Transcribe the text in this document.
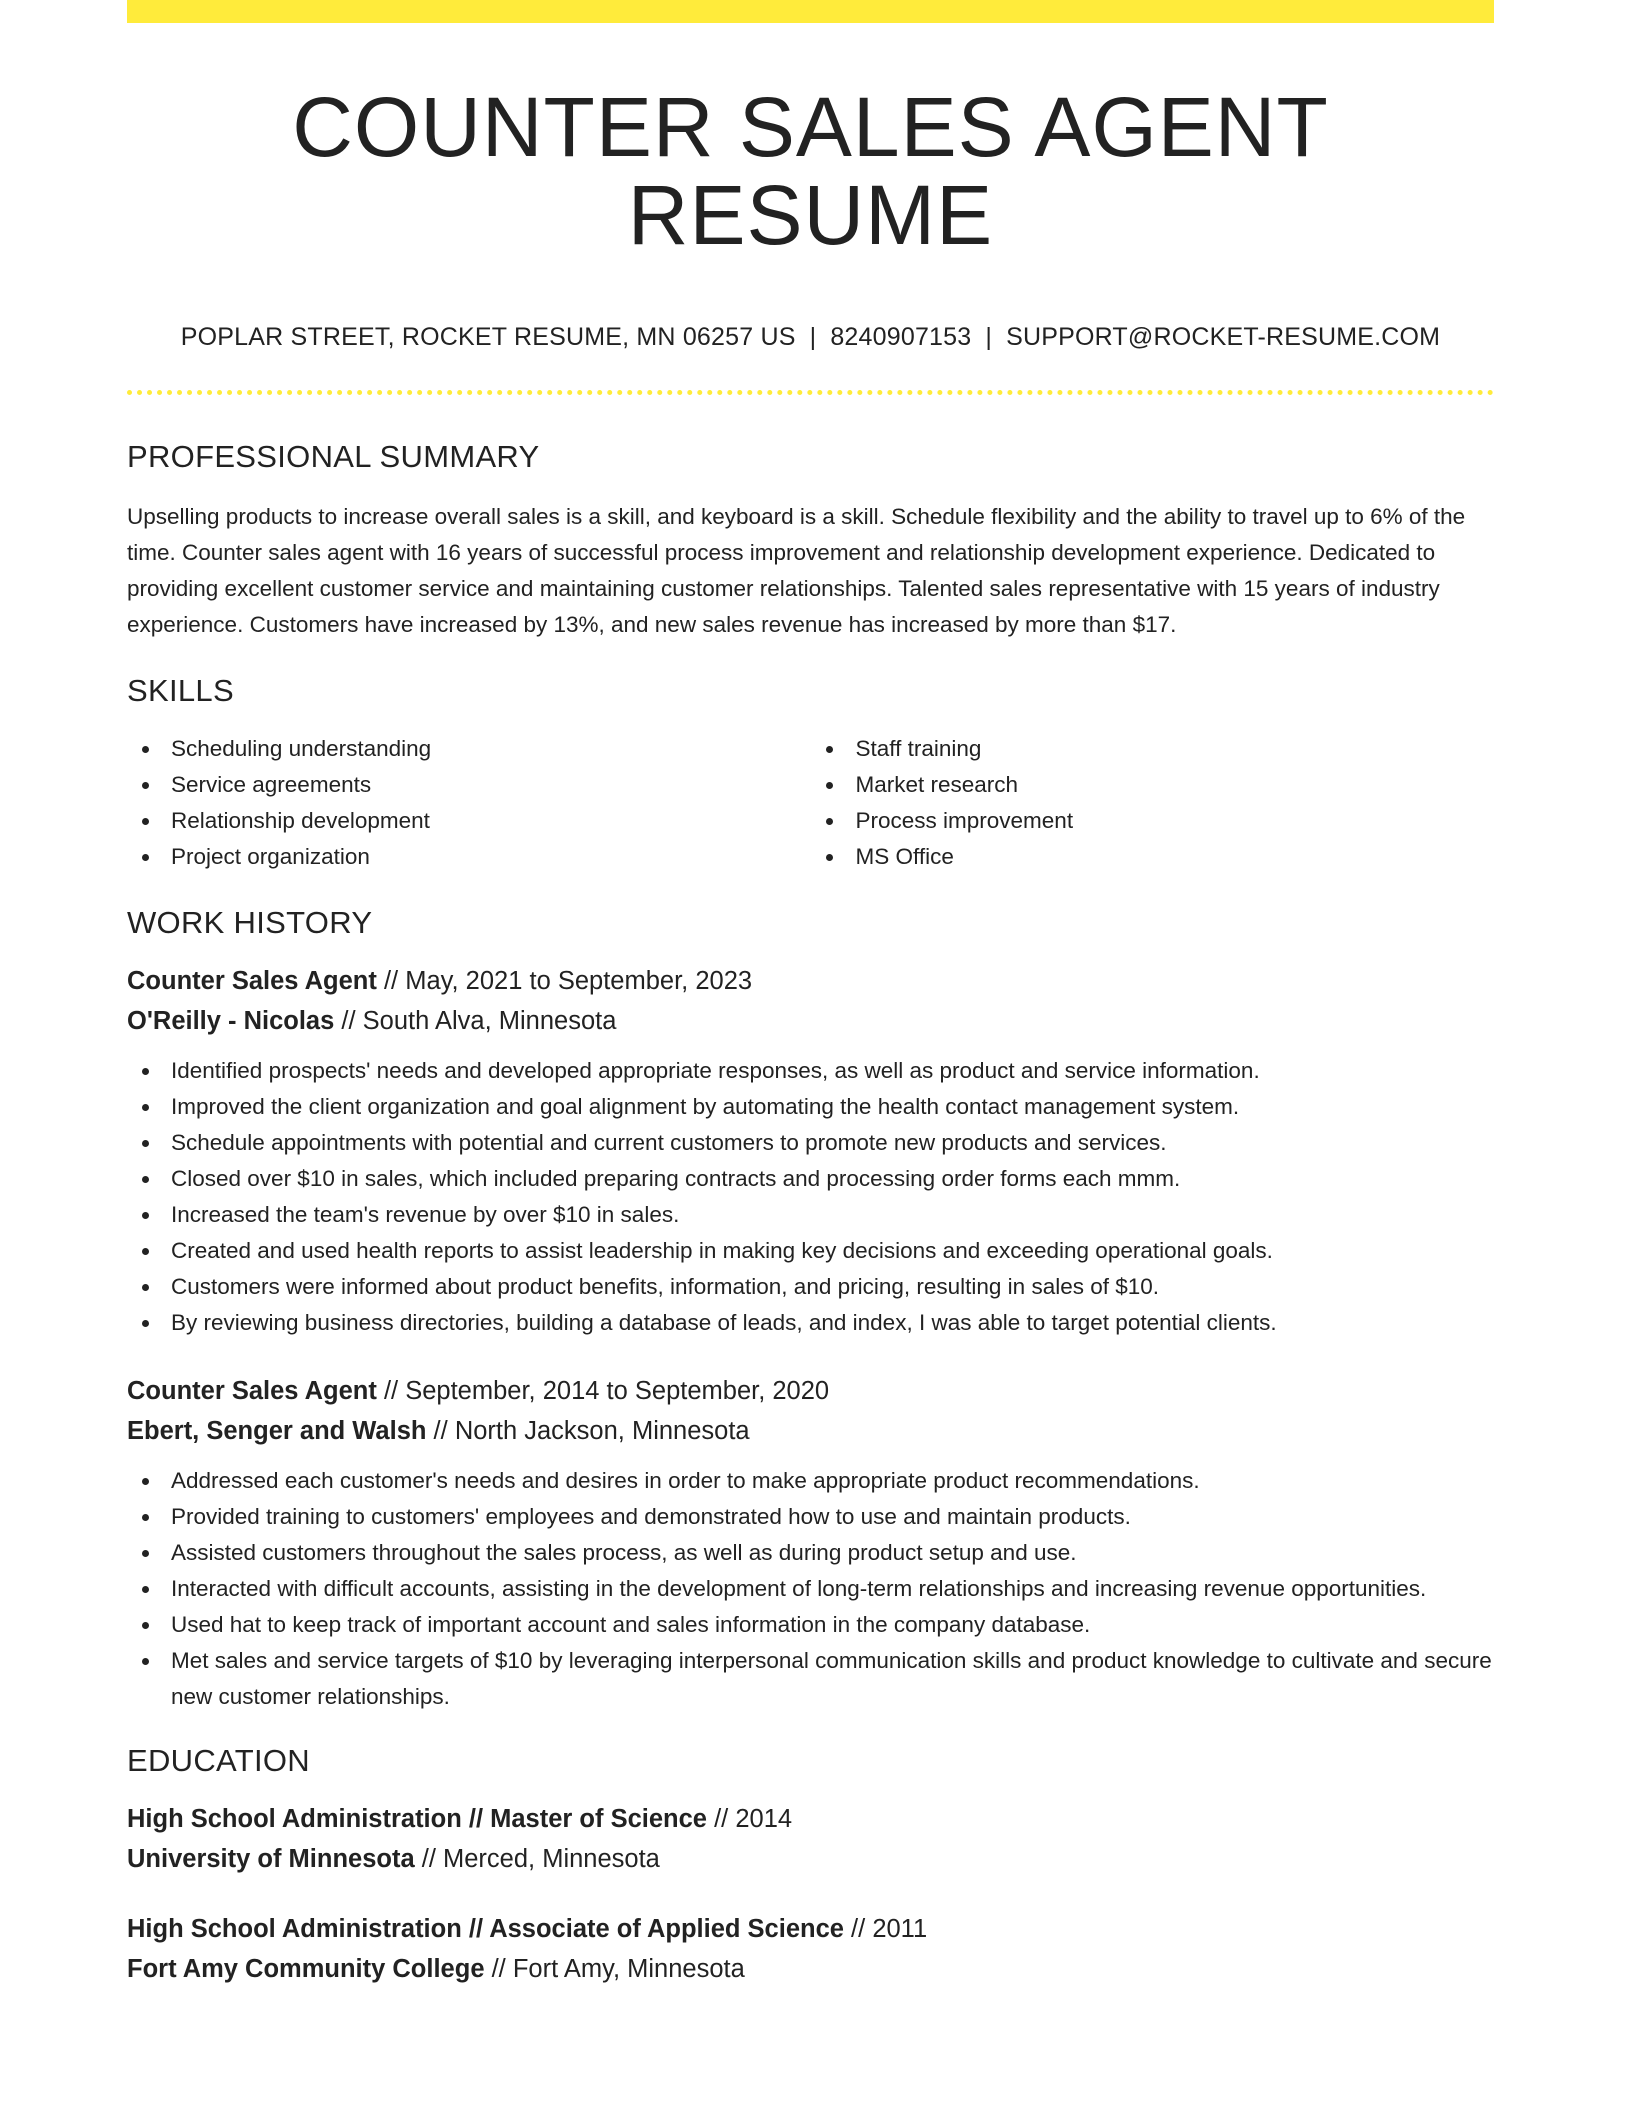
COUNTER SALES AGENT RESUME
POPLAR STREET, ROCKET RESUME, MN 06257 US | 8240907153 | SUPPORT@ROCKET-RESUME.COM
PROFESSIONAL SUMMARY

Upselling products to increase overall sales is a skill, and keyboard is a skill. Schedule flexibility and the ability to travel up to 6% of the time. Counter sales agent with 16 years of successful process improvement and relationship development experience. Dedicated to providing excellent customer service and maintaining customer relationships. Talented sales representative with 15 years of industry experience. Customers have increased by 13%, and new sales revenue has increased by more than $17.

SKILLS
Scheduling understanding
Service agreements
Relationship development
Project organization
Staff training
Market research
Process improvement
MS Office
WORK HISTORY
Counter Sales Agent // May, 2021 to September, 2023
O'Reilly - Nicolas // South Alva, Minnesota
Identified prospects' needs and developed appropriate responses, as well as product and service information.
Improved the client organization and goal alignment by automating the health contact management system.
Schedule appointments with potential and current customers to promote new products and services.
Closed over $10 in sales, which included preparing contracts and processing order forms each mmm.
Increased the team's revenue by over $10 in sales.
Created and used health reports to assist leadership in making key decisions and exceeding operational goals.
Customers were informed about product benefits, information, and pricing, resulting in sales of $10.
By reviewing business directories, building a database of leads, and index, I was able to target potential clients.
Counter Sales Agent // September, 2014 to September, 2020
Ebert, Senger and Walsh // North Jackson, Minnesota
Addressed each customer's needs and desires in order to make appropriate product recommendations.
Provided training to customers' employees and demonstrated how to use and maintain products.
Assisted customers throughout the sales process, as well as during product setup and use.
Interacted with difficult accounts, assisting in the development of long-term relationships and increasing revenue opportunities.
Used hat to keep track of important account and sales information in the company database.
Met sales and service targets of $10 by leveraging interpersonal communication skills and product knowledge to cultivate and secure new customer relationships.
EDUCATION
High School Administration // Master of Science // 2014
University of Minnesota // Merced, Minnesota
High School Administration // Associate of Applied Science // 2011
Fort Amy Community College // Fort Amy, Minnesota
